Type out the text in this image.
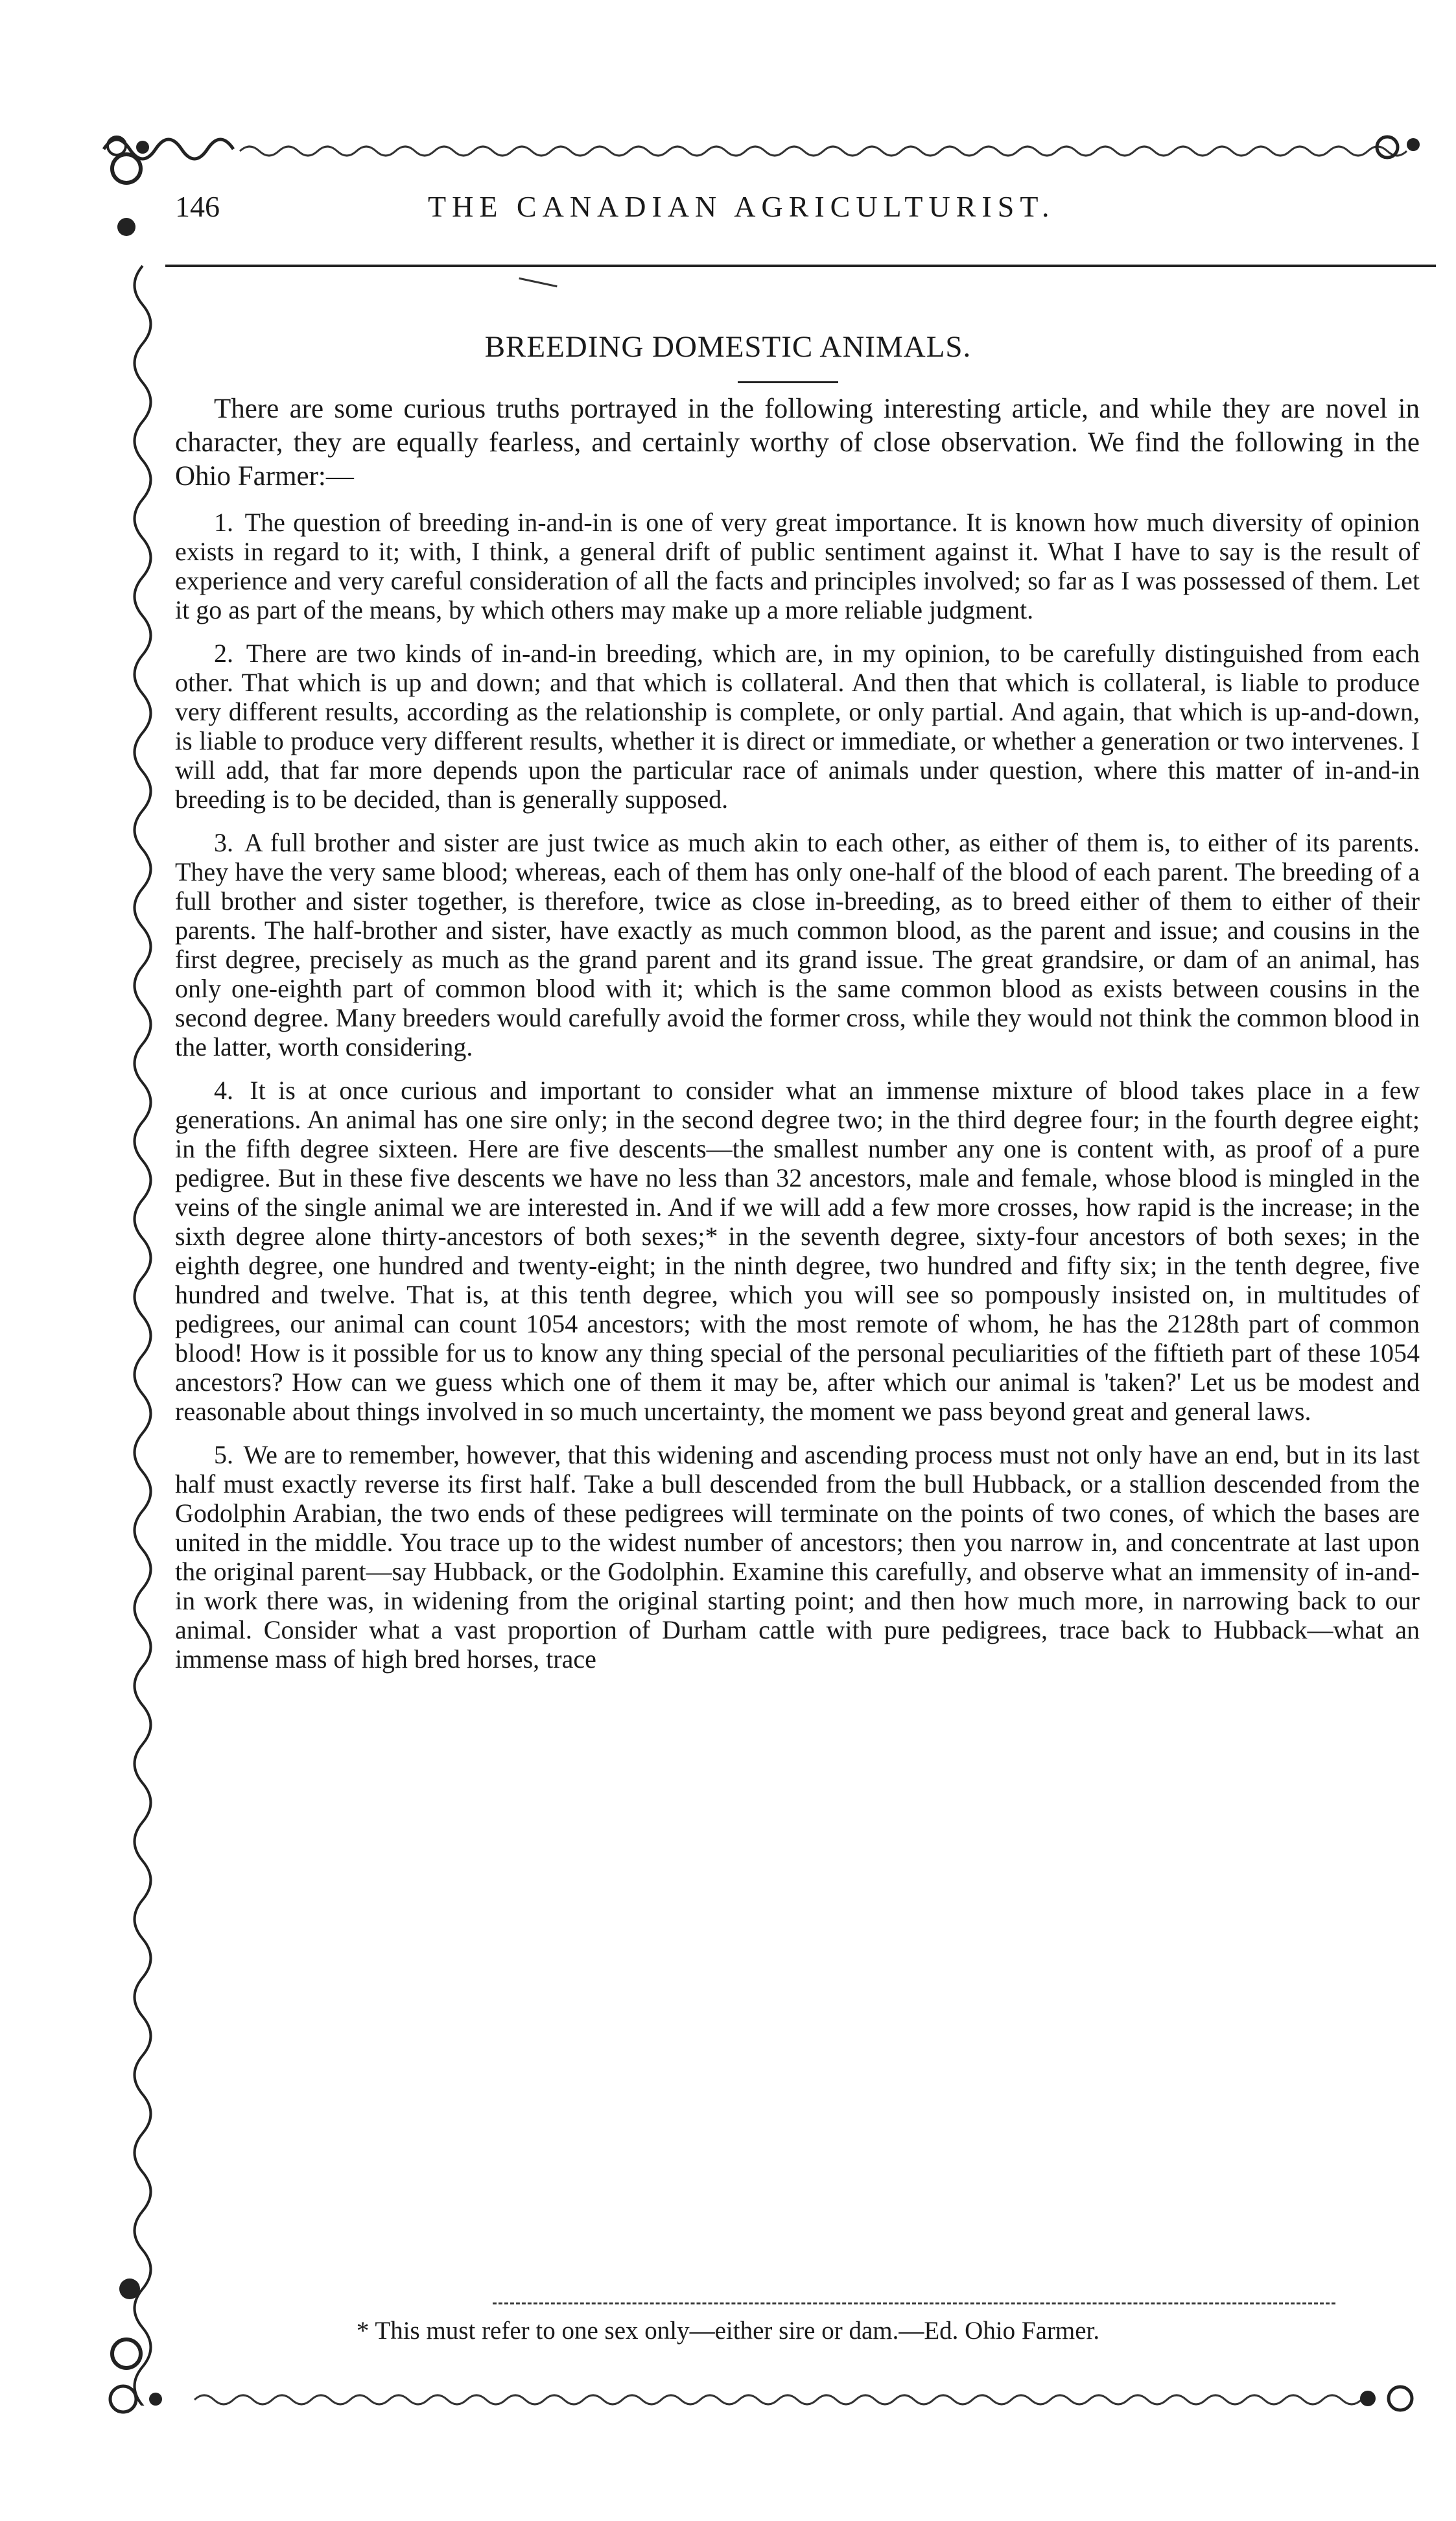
146	THE CANADIAN AGRICULTURIST.
BREEDING DOMESTIC ANIMALS.

There are some curious truths portrayed in the following interesting article, and while they are novel in character, they are equally fearless, and certainly worthy of close observation. We find the following in the Ohio Farmer:—

1. The question of breeding in-and-in is one of very great importance. It is known how much diversity of opinion exists in regard to it; with, I think, a general drift of public sentiment against it. What I have to say is the result of experience and very careful consideration of all the facts and principles involved; so far as I was possessed of them. Let it go as part of the means, by which others may make up a more reliable judgment.

2. There are two kinds of in-and-in breeding, which are, in my opinion, to be carefully distinguished from each other. That which is up and down; and that which is collateral. And then that which is collateral, is liable to produce very different results, according as the relationship is complete, or only partial. And again, that which is up-and-down, is liable to produce very different results, whether it is direct or immediate, or whether a generation or two intervenes. I will add, that far more depends upon the particular race of animals under question, where this matter of in-and-in breeding is to be decided, than is generally supposed.

3. A full brother and sister are just twice as much akin to each other, as either of them is, to either of its parents. They have the very same blood; whereas, each of them has only one-half of the blood of each parent. The breeding of a full brother and sister together, is therefore, twice as close in-breeding, as to breed either of them to either of their parents. The half-brother and sister, have exactly as much common blood, as the parent and issue; and cousins in the first degree, precisely as much as the grand parent and its grand issue. The great grandsire, or dam of an animal, has only one-eighth part of common blood with it; which is the same common blood as exists between cousins in the second degree. Many breeders would carefully avoid the former cross, while they would not think the common blood in the latter, worth considering.

4. It is at once curious and important to consider what an immense mixture of blood takes place in a few generations. An animal has one sire only; in the second degree two; in the third degree four; in the fourth degree eight; in the fifth degree sixteen. Here are five descents—the smallest number any one is content with, as proof of a pure pedigree. But in these five descents we have no less than 32 ancestors, male and female, whose blood is mingled in the veins of the single animal we are interested in. And if we will add a few more crosses, how rapid is the increase; in the sixth degree alone thirty-ancestors of both sexes;* in the seventh degree, sixty-four ancestors of both sexes; in the eighth degree, one hundred and twenty-eight; in the ninth degree, two hundred and fifty six; in the tenth degree, five hundred and twelve. That is, at this tenth degree, which you will see so pompously insisted on, in multitudes of pedigrees, our animal can count 1054 ancestors; with the most remote of whom, he has the 2128th part of common blood! How is it possible for us to know any thing special of the personal peculiarities of the fiftieth part of these 1054 ancestors? How can we guess which one of them it may be, after which our animal is 'taken?' Let us be modest and reasonable about things involved in so much uncertainty, the moment we pass beyond great and general laws.

5. We are to remember, however, that this widening and ascending process must not only have an end, but in its last half must exactly reverse its first half. Take a bull descended from the bull Hubback, or a stallion descended from the Godolphin Arabian, the two ends of these pedigrees will terminate on the points of two cones, of which the bases are united in the middle. You trace up to the widest number of ancestors; then you narrow in, and concentrate at last upon the original parent—say Hubback, or the Godolphin. Examine this carefully, and observe what an immensity of in-and-in work there was, in widening from the original starting point; and then how much more, in narrowing back to our animal. Consider what a vast proportion of Durham cattle with pure pedigrees, trace back to Hubback—what an immense mass of high bred horses, trace

* This must refer to one sex only—either sire or dam.—Ed. Ohio Farmer.
